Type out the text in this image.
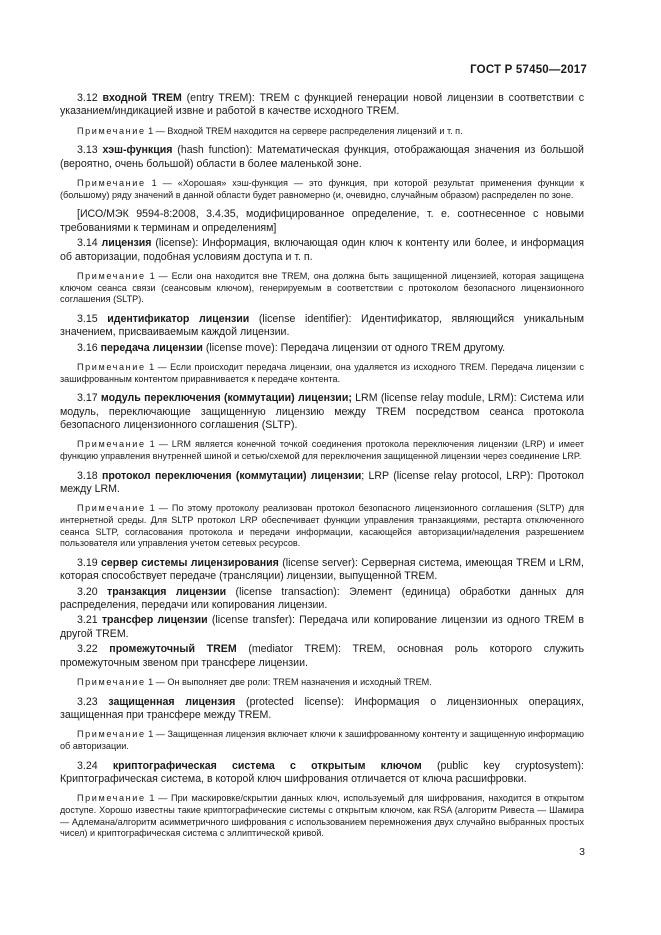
ГОСТ Р 57450—2017
3.12 входной TREM (entry TREM): TREM с функцией генерации новой лицензии в соответствии с указанием/индикацией извне и работой в качестве исходного TREM.
Примечание 1 — Входной TREM находится на сервере распределения лицензий и т. п.
3.13 хэш-функция (hash function): Математическая функция, отображающая значения из большой (вероятно, очень большой) области в более маленькой зоне.
Примечание 1 — «Хорошая» хэш-функция — это функция, при которой результат применения функции к (большому) ряду значений в данной области будет равномерно (и, очевидно, случайным образом) распределен по зоне.
[ИСО/МЭК 9594-8:2008, 3.4.35, модифицированное определение, т. е. соотнесенное с новыми требованиями к терминам и определениям]
3.14 лицензия (license): Информация, включающая один ключ к контенту или более, и информация об авторизации, подобная условиям доступа и т. п.
Примечание 1 — Если она находится вне TREM, она должна быть защищенной лицензией, которая защищена ключом сеанса связи (сеансовым ключом), генерируемым в соответствии с протоколом безопасного лицензионного соглашения (SLTP).
3.15 идентификатор лицензии (license identifier): Идентификатор, являющийся уникальным значением, присваиваемым каждой лицензии.
3.16 передача лицензии (license move): Передача лицензии от одного TREM другому.
Примечание 1 — Если происходит передача лицензии, она удаляется из исходного TREM. Передача лицензии с зашифрованным контентом приравнивается к передаче контента.
3.17 модуль переключения (коммутации) лицензии; LRM (license relay module, LRM): Система или модуль, переключающие защищенную лицензию между TREM посредством сеанса протокола безопасного лицензионного соглашения (SLTP).
Примечание 1 — LRM является конечной точкой соединения протокола переключения лицензии (LRP) и имеет функцию управления внутренней шиной и сетью/схемой для переключения защищенной лицензии через соединение LRP.
3.18 протокол переключения (коммутации) лицензии; LRP (license relay protocol, LRP): Протокол между LRM.
Примечание 1 — По этому протоколу реализован протокол безопасного лицензионного соглашения (SLTP) для интернетной среды. Для SLTP протокол LRP обеспечивает функции управления транзакциями, рестарта отключенного сеанса SLTP, согласования протокола и передачи информации, касающейся авторизации/наделения разрешением пользователя или управления учетом сетевых ресурсов.
3.19 сервер системы лицензирования (license server): Серверная система, имеющая TREM и LRM, которая способствует передаче (трансляции) лицензии, выпущенной TREM.
3.20 транзакция лицензии (license transaction): Элемент (единица) обработки данных для распределения, передачи или копирования лицензии.
3.21 трансфер лицензии (license transfer): Передача или копирование лицензии из одного TREM в другой TREM.
3.22 промежуточный TREM (mediator TREM): TREM, основная роль которого служить промежуточным звеном при трансфере лицензии.
Примечание 1 — Он выполняет две роли: TREM назначения и исходный TREM.
3.23 защищенная лицензия (protected license): Информация о лицензионных операциях, защищенная при трансфере между TREM.
Примечание 1 — Защищенная лицензия включает ключи к зашифрованному контенту и защищенную информацию об авторизации.
3.24 криптографическая система с открытым ключом (public key cryptosystem): Криптографическая система, в которой ключ шифрования отличается от ключа расшифровки.
Примечание 1 — При маскировке/скрытии данных ключ, используемый для шифрования, находится в открытом доступе. Хорошо известны такие криптографические системы с открытым ключом, как RSA (алгоритм Ривеста — Шамира — Адлемана/алгоритм асимметричного шифрования с использованием перемножения двух случайно выбранных простых чисел) и криптографическая система с эллиптической кривой.
3
